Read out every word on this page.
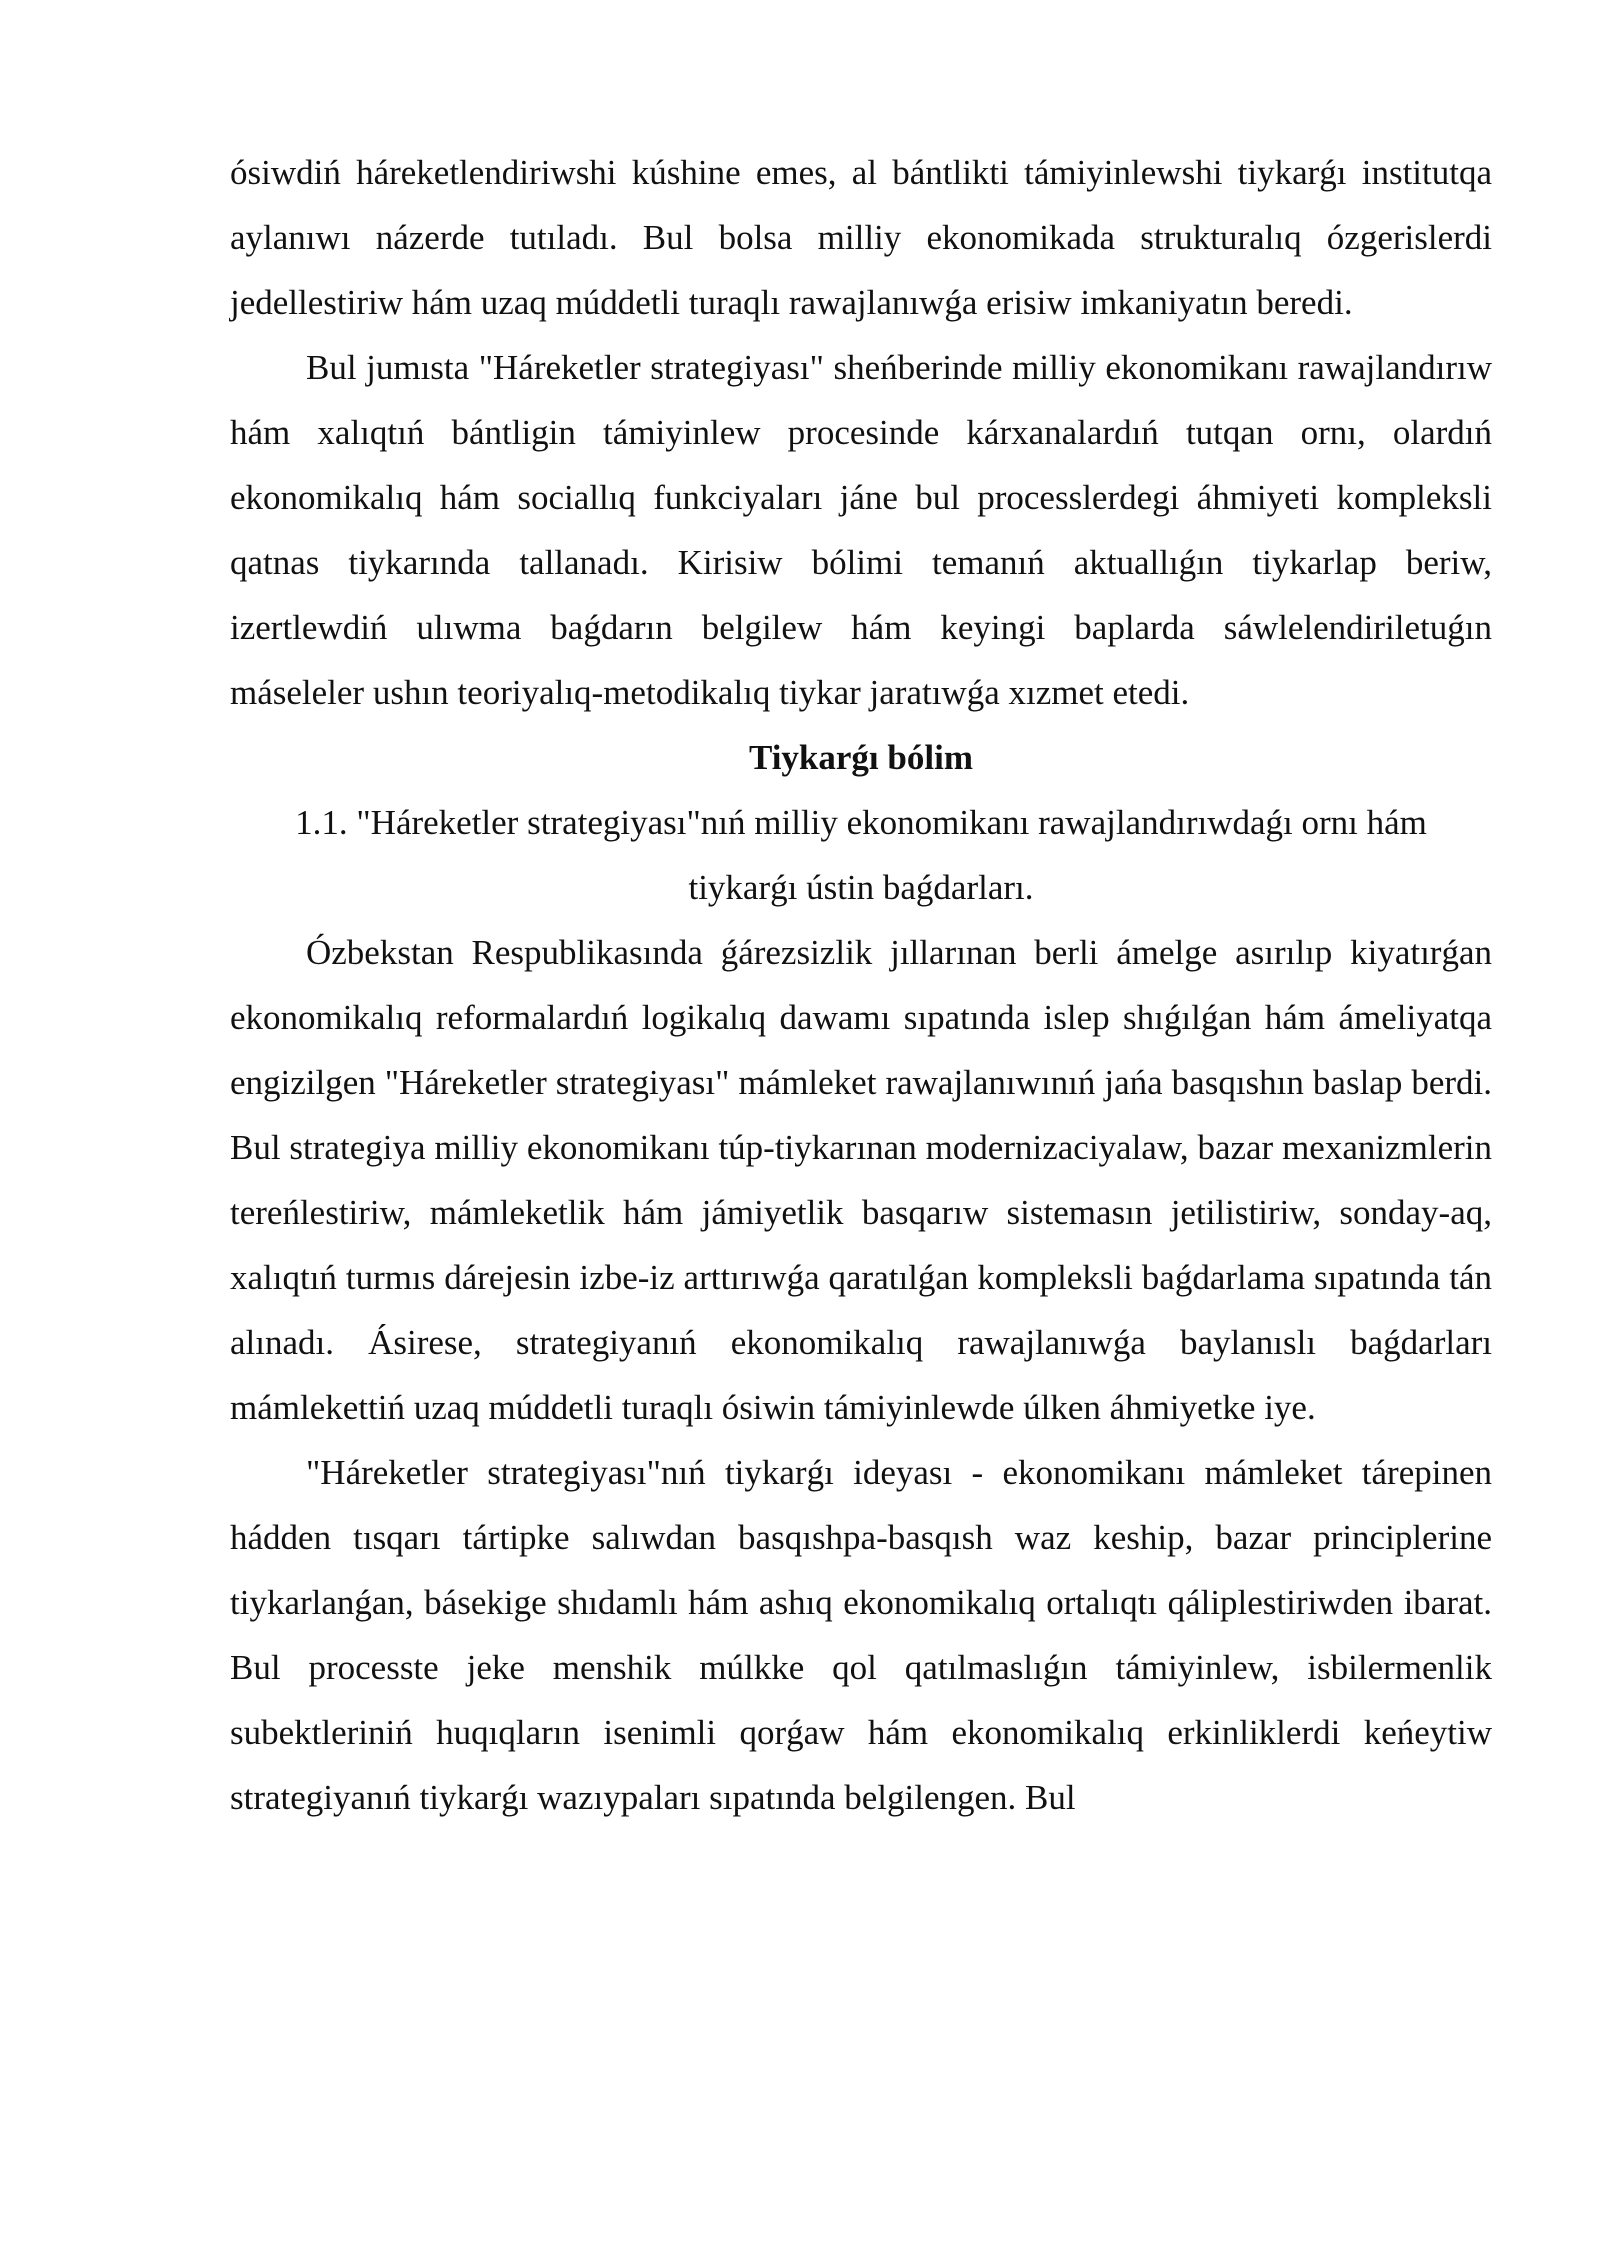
ósiwdiń háreketlendiriwshi kúshine emes, al bántlikti támiyinlewshi tiykarǵı institutqa aylanıwı názerde tutıladı. Bul bolsa milliy ekonomikada strukturalıq ózgerislerdi jedellestiriw hám uzaq múddetli turaqlı rawajlanıwǵa erisiw imkaniyatın beredi.

Bul jumısta "Háreketler strategiyası" sheńberinde milliy ekonomikanı rawajlandırıw hám xalıqtıń bántligin támiyinlew procesinde kárxanalardıń tutqan ornı, olardıń ekonomikalıq hám sociallıq funkciyaları jáne bul processlerdegi áhmiyeti kompleksli qatnas tiykarında tallanadı. Kirisiw bólimi temanıń aktuallıǵın tiykarlap beriw, izertlewdiń ulıwma baǵdarın belgilew hám keyingi baplarda sáwlelendiriletuǵın máseleler ushın teoriyalıq-metodikalıq tiykar jaratıwǵa xızmet etedi.

Tiykarǵı bólim
1.1. "Háreketler strategiyası"nıń milliy ekonomikanı rawajlandırıwdaǵı ornı hám tiykarǵı ústin baǵdarları.

Ózbekstan Respublikasında ǵárezsizlik jıllarınan berli ámelge asırılıp kiyatırǵan ekonomikalıq reformalardıń logikalıq dawamı sıpatında islep shıǵılǵan hám ámeliyatqa engizilgen "Háreketler strategiyası" mámleket rawajlanıwınıń jańa basqıshın baslap berdi. Bul strategiya milliy ekonomikanı túp-tiykarınan modernizaciyalaw, bazar mexanizmlerin tereńlestiriw, mámleketlik hám jámiyetlik basqarıw sistemasın jetilistiriw, sonday-aq, xalıqtıń turmıs dárejesin izbe-iz arttırıwǵa qaratılǵan kompleksli baǵdarlama sıpatında tán alınadı. Ásirese, strategiyanıń ekonomikalıq rawajlanıwǵa baylanıslı baǵdarları mámlekettiń uzaq múddetli turaqlı ósiwin támiyinlewde úlken áhmiyetke iye.

"Háreketler strategiyası"nıń tiykarǵı ideyası - ekonomikanı mámleket tárepinen hádden tısqarı tártipke salıwdan basqıshpa-basqısh waz keship, bazar principlerine tiykarlanǵan, básekige shıdamlı hám ashıq ekonomikalıq ortalıqtı qáliplestiriwden ibarat. Bul processte jeke menshik múlkke qol qatılmaslıǵın támiyinlew, isbilermenlik subektleriniń huqıqların isenimli qorǵaw hám ekonomikalıq erkinliklerdi keńeytiw strategiyanıń tiykarǵı wazıypaları sıpatında belgilengen. Bul
